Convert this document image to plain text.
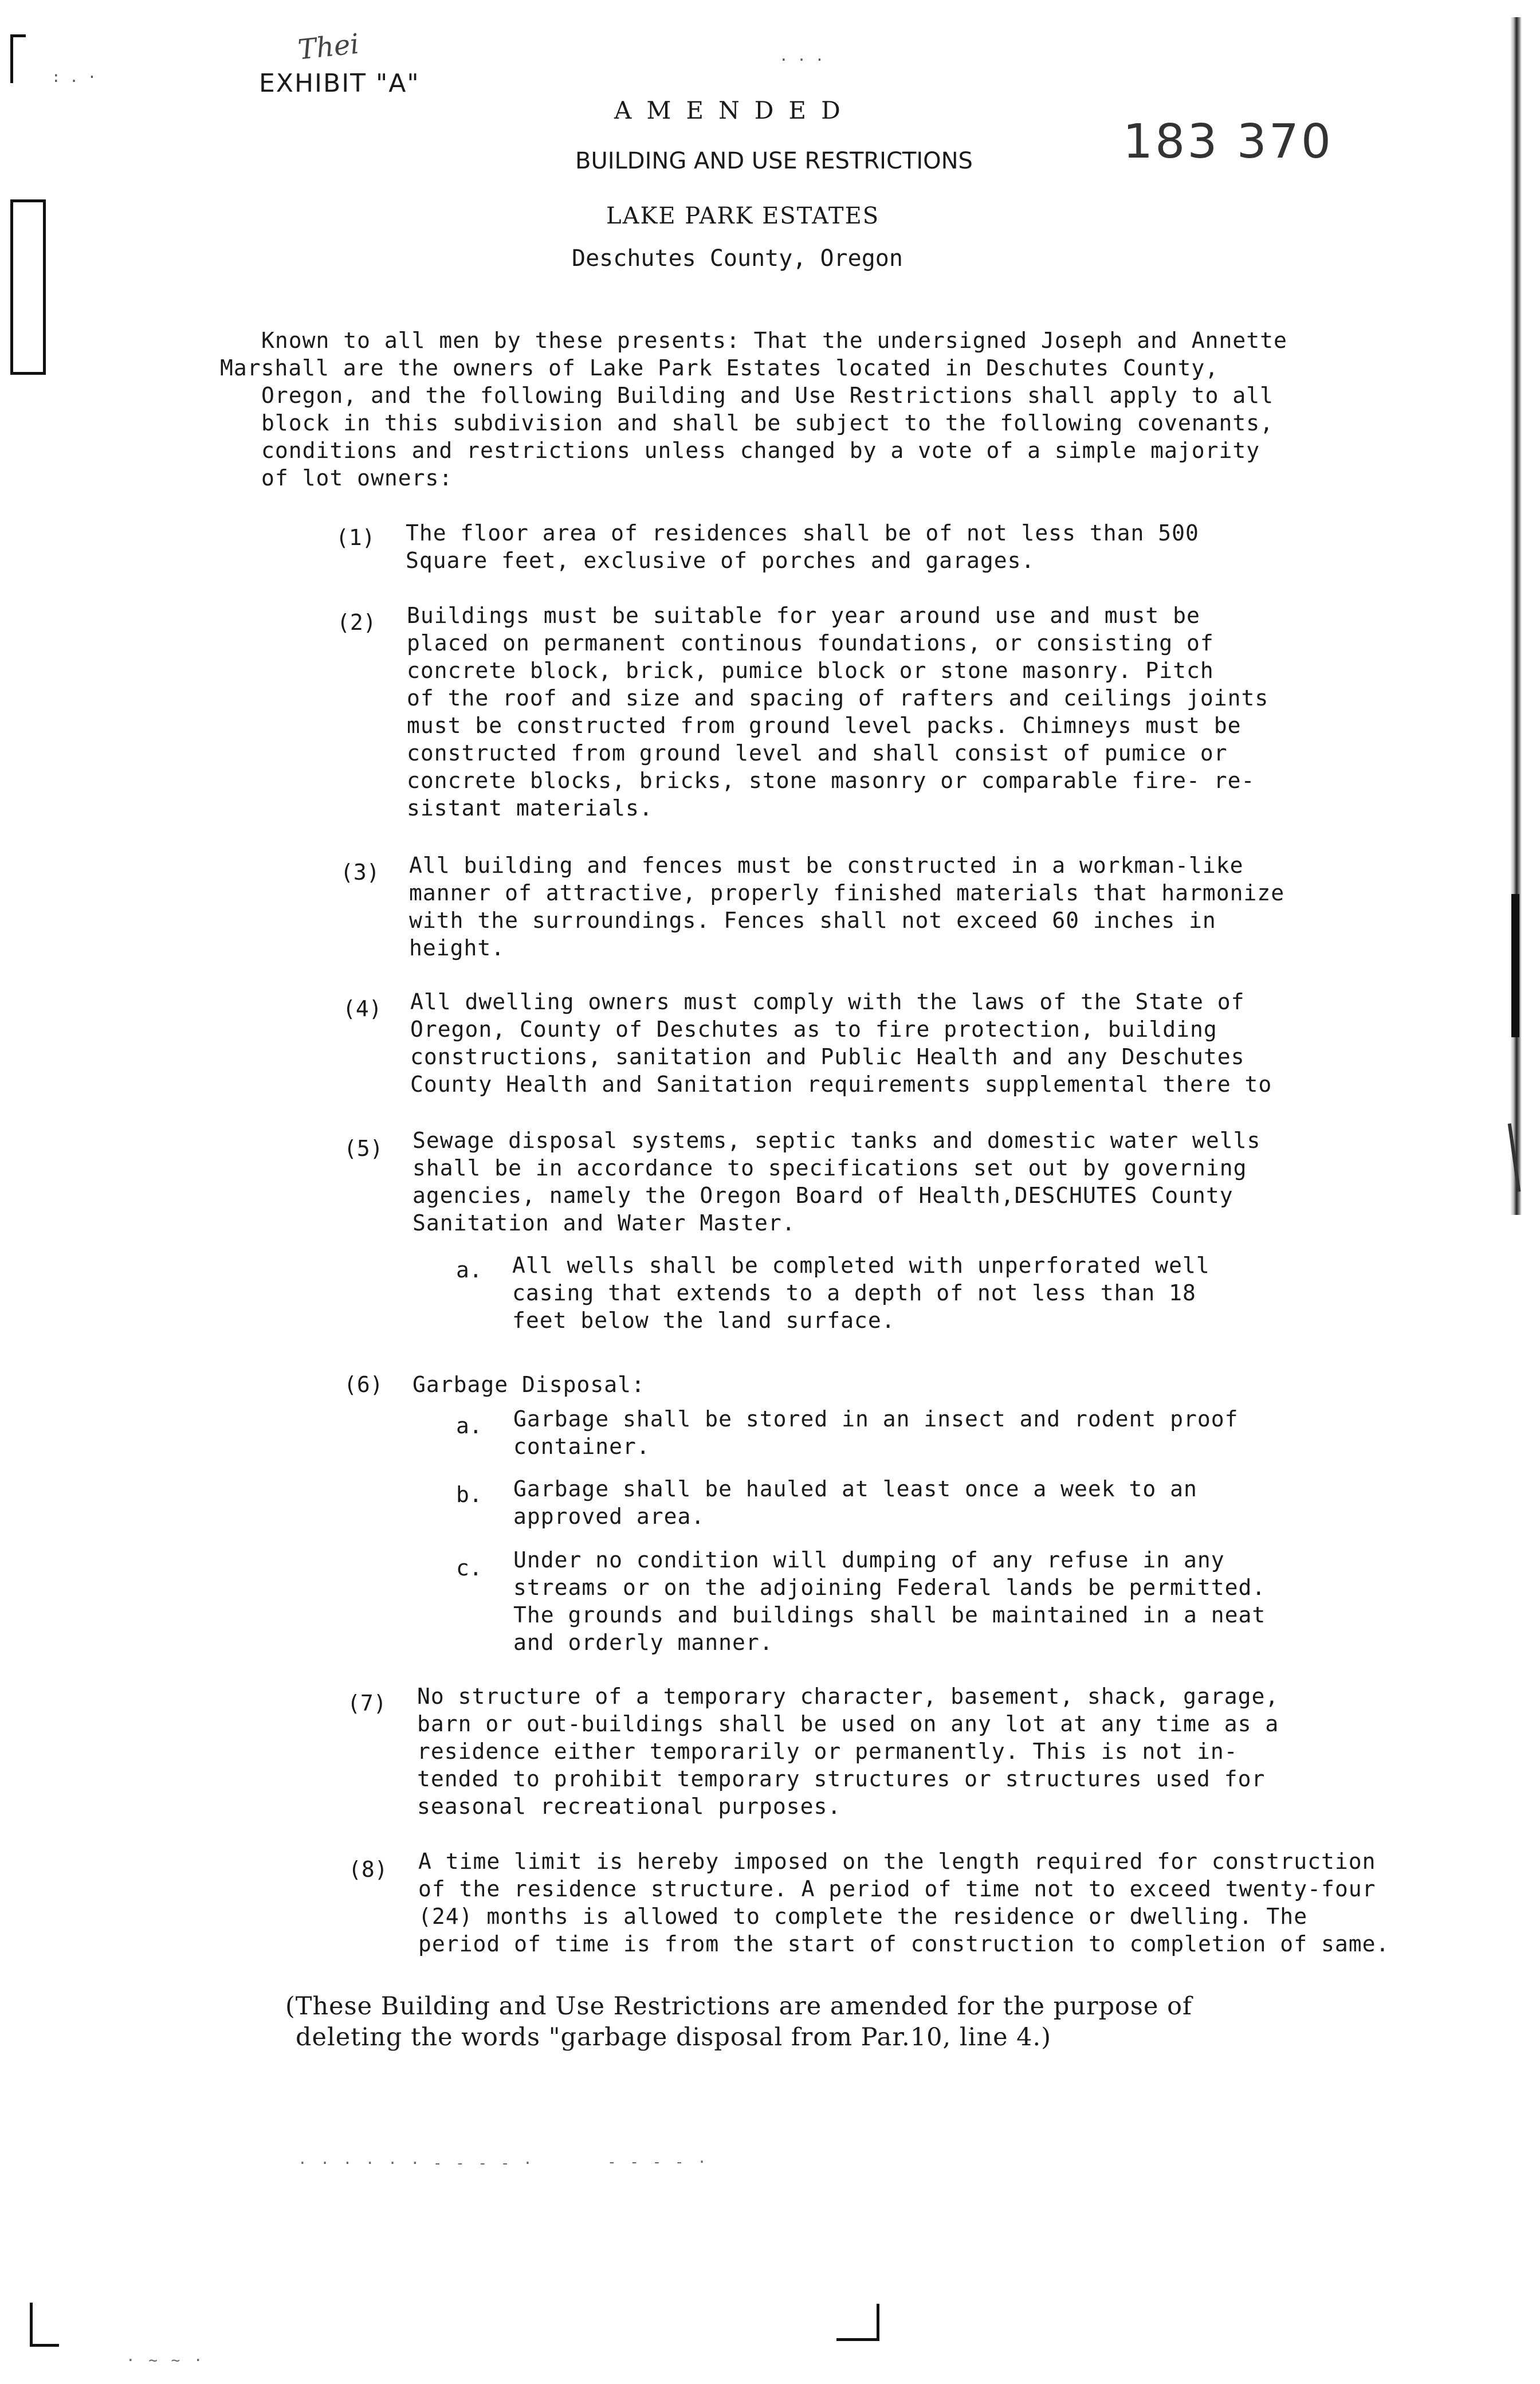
: . ·
· · ·
· · · · · · - - - - ·	- - - - ·
· ~ ~ ·
Thei
EXHIBIT "A"
AMENDED
BUILDING AND USE RESTRICTIONS
LAKE PARK ESTATES
Deschutes County, Oregon
183 370
Known to all men by these presents: That the undersigned Joseph and Annette
Marshall are the owners of Lake Park Estates located in Deschutes County,
Oregon, and the following Building and Use Restrictions shall apply to all
block in this subdivision and shall be subject to the following covenants,
conditions and restrictions unless changed by a vote of a simple majority
of lot owners:
(1) The floor area of residences shall be of not less than 500
Square feet, exclusive of porches and garages.
(2) Buildings must be suitable for year around use and must be
placed on permanent continous foundations, or consisting of
concrete block, brick, pumice block or stone masonry. Pitch
of the roof and size and spacing of rafters and ceilings joints
must be constructed from ground level packs. Chimneys must be
constructed from ground level and shall consist of pumice or
concrete blocks, bricks, stone masonry or comparable fire- re-
sistant materials.
(3) All building and fences must be constructed in a workman-like
manner of attractive, properly finished materials that harmonize
with the surroundings. Fences shall not exceed 60 inches in
height.
(4) All dwelling owners must comply with the laws of the State of
Oregon, County of Deschutes as to fire protection, building
constructions, sanitation and Public Health and any Deschutes
County Health and Sanitation requirements supplemental there to
(5) Sewage disposal systems, septic tanks and domestic water wells
shall be in accordance to specifications set out by governing
agencies, namely the Oregon Board of Health,DESCHUTES County
Sanitation and Water Master.
a. All wells shall be completed with unperforated well
casing that extends to a depth of not less than 18
feet below the land surface.
(6) Garbage Disposal:
a. Garbage shall be stored in an insect and rodent proof
container.
b. Garbage shall be hauled at least once a week to an
approved area.
c. Under no condition will dumping of any refuse in any
streams or on the adjoining Federal lands be permitted.
The grounds and buildings shall be maintained in a neat
and orderly manner.
(7) No structure of a temporary character, basement, shack, garage,
barn or out-buildings shall be used on any lot at any time as a
residence either temporarily or permanently. This is not in-
tended to prohibit temporary structures or structures used for
seasonal recreational purposes.
(8) A time limit is hereby imposed on the length required for construction
of the residence structure. A period of time not to exceed twenty-four
(24) months is allowed to complete the residence or dwelling. The
period of time is from the start of construction to completion of same.
(These Building and Use Restrictions are amended for the purpose of
deleting the words "garbage disposal from Par.10, line 4.)
